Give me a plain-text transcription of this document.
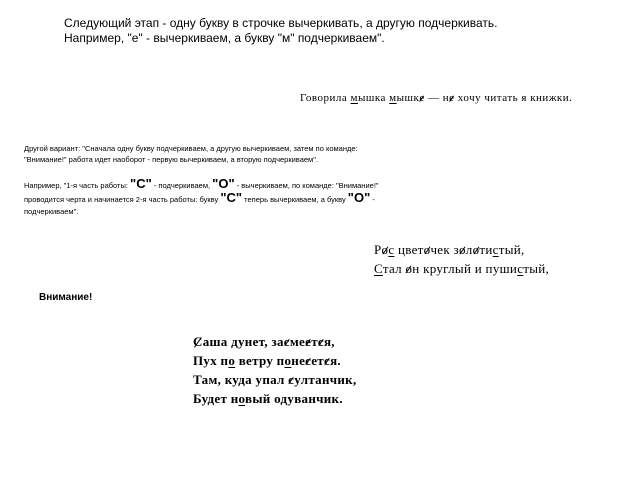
Следующий этап - одну букву в строчке вычеркивать, а другую подчеркивать.
Например, "е" - вычеркиваем, а букву "м" подчеркиваем".
Говорила мышка мышке — не хочу читать я книжки.
Другой вариант: "Сначала одну букву подчеркиваем, а другую вычеркиваем, затем по команде:
"Внимание!" работа идет наоборот - первую вычеркиваем, а вторую подчеркиваем".
Например, "1-я часть работы: "С" - подчеркиваем, "О" - вычеркиваем, по команде: "Внимание!"
проводится черта и начинается 2-я часть работы: букву "С" теперь вычеркиваем, а букву "О" -
подчеркиваем".
Рос цветочек золотистый,
Стал он круглый и пушистый,
Внимание!
Саша дунет, засмеется,
Пух по ветру понесется.
Там, куда упал султанчик,
Будет новый одуванчик.
